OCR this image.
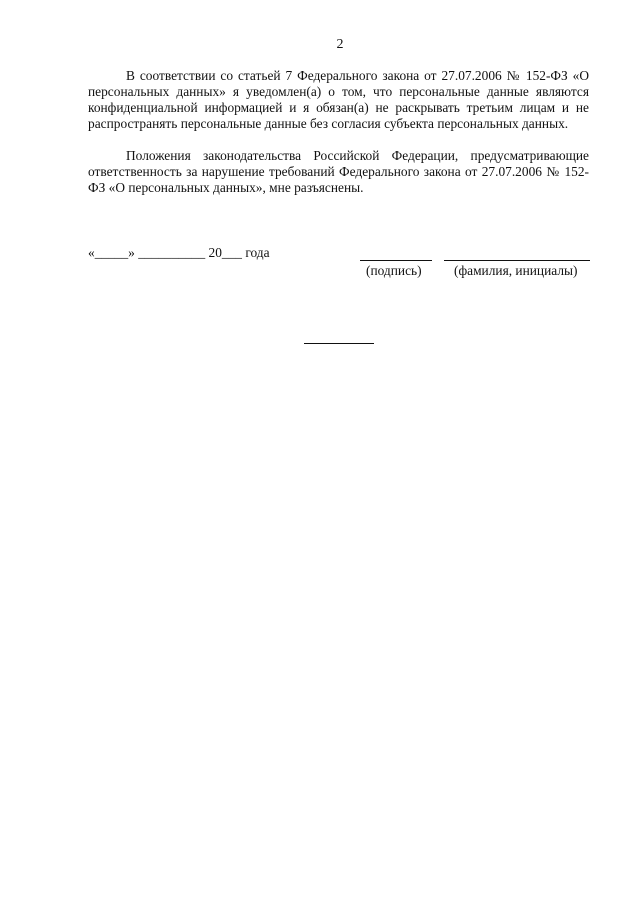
2

В соответствии со статьей 7 Федерального закона от 27.07.2006 № 152-ФЗ «О персональных данных» я уведомлен(а) о том, что персональные данные являются конфиденциальной информацией и я обязан(а) не раскрывать третьим лицам и не распространять персональные данные без согласия субъекта персональных данных.

Положения законодательства Российской Федерации, предусматривающие ответственность за нарушение требований Федерального закона от 27.07.2006 № 152-ФЗ «О персональных данных», мне разъяснены.

«_____» __________ 20___ года
(подпись) (фамилия, инициалы)
